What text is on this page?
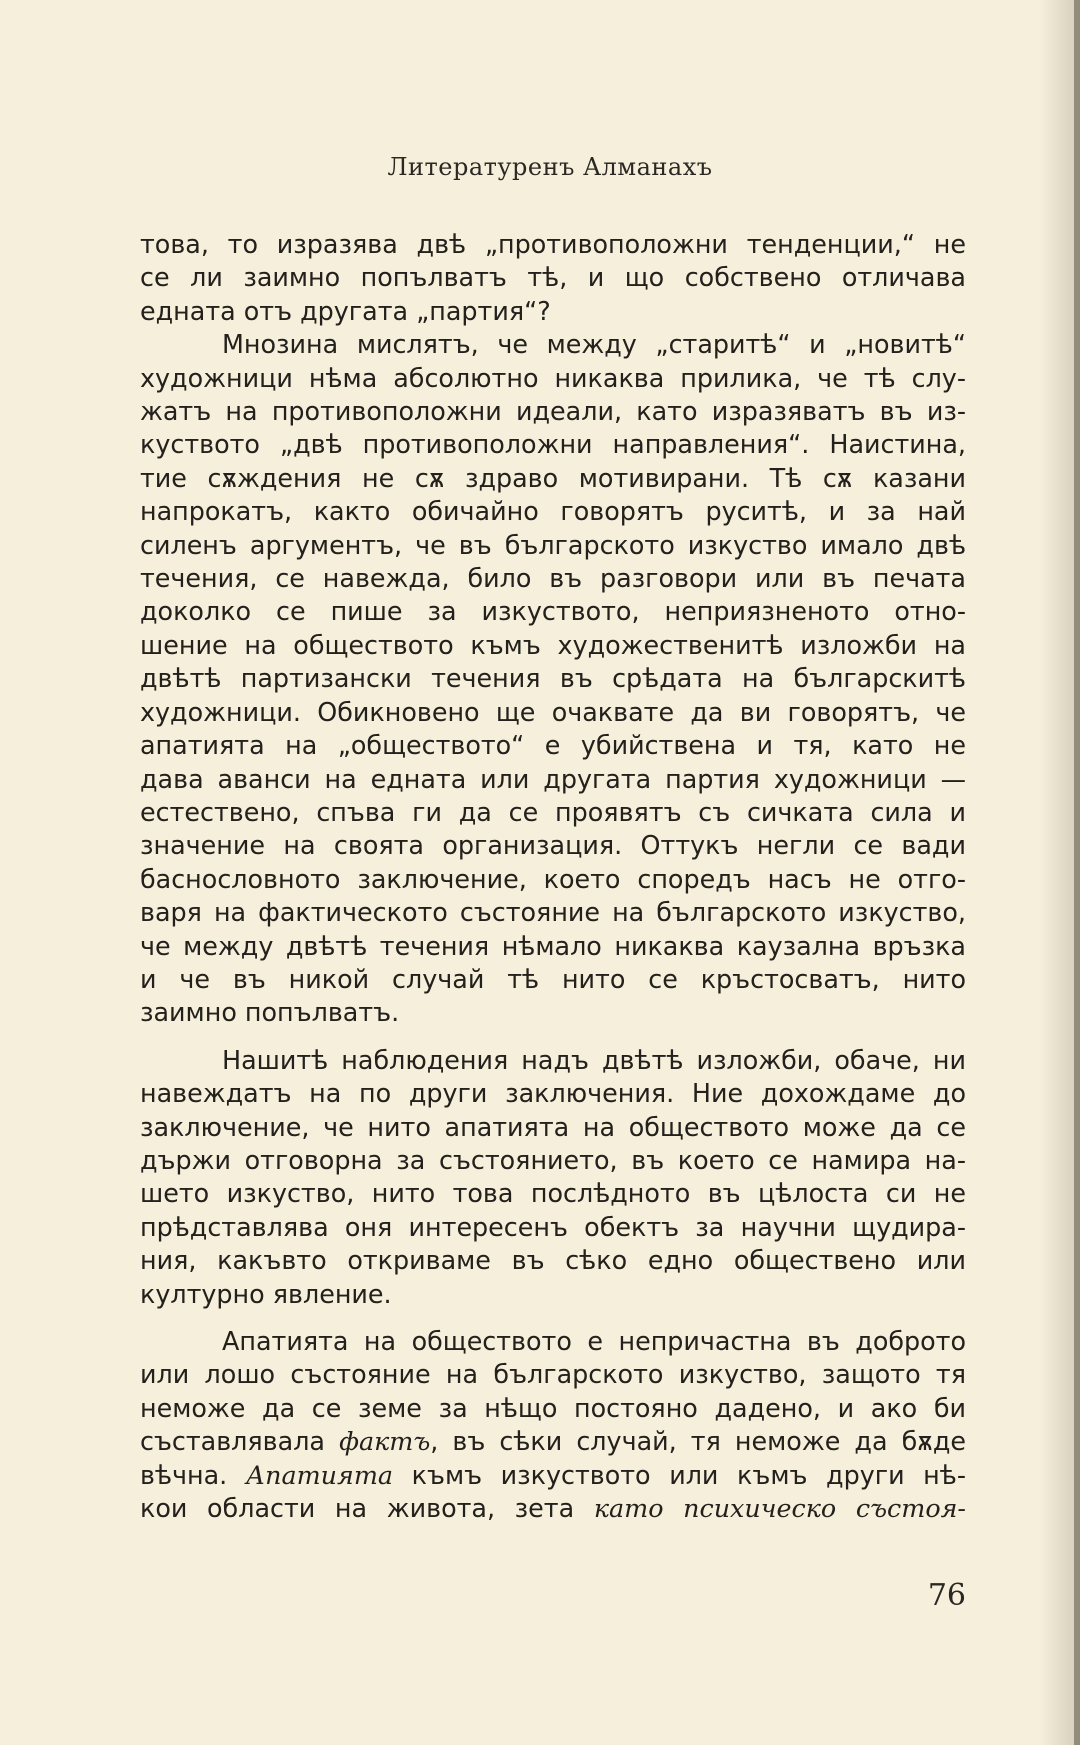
Литературенъ Алманахъ

това, то изразява двѣ „противоположни тенденции,“ не
се ли заимно попълватъ тѣ, и що собствено отличава
едната отъ другата „партия“?

Мнозина мислятъ, че между „старитѣ“ и „новитѣ“
художници нѣма абсолютно никаква прилика, че тѣ слу-
жатъ на противоположни идеали, като изразяватъ въ из-
куството „двѣ противоположни направления“. Наистина,
тие сѫждения не сѫ здраво мотивирани. Тѣ сѫ казани
напрокатъ, както обичайно говорятъ руситѣ, и за най
силенъ аргументъ, че въ българското изкуство имало двѣ
течения, се навежда, било въ разговори или въ печата
доколко се пише за изкуството, неприязненото отно-
шение на обществото къмъ художественитѣ изложби на
двѣтѣ партизански течения въ срѣдата на българскитѣ
художници. Обикновено ще очаквате да ви говорятъ, че
апатията на „обществото“ е убийствена и тя, като не
дава аванси на едната или другата партия художници —
естествено, спъва ги да се проявятъ съ сичката сила и
значение на своята организация. Оттукъ негли се вади
баснословното заключение, което споредъ насъ не отго-
варя на фактическото състояние на българското изкуство,
че между двѣтѣ течения нѣмало никаква каузална връзка
и че въ никой случай тѣ нито се кръстосватъ, нито
заимно попълватъ.

Нашитѣ наблюдения надъ двѣтѣ изложби, обаче, ни
навеждатъ на по други заключения. Ние дохождаме до
заключение, че нито апатията на обществото може да се
държи отговорна за състоянието, въ което се намира на-
шето изкуство, нито това послѣдното въ цѣлоста си не
прѣдставлява оня интересенъ обектъ за научни щудира-
ния, какъвто откриваме въ сѣко едно обществено или
културно явление.

Апатията на обществото е непричастна въ доброто
или лошо състояние на българското изкуство, защото тя
неможе да се земе за нѣщо постояно дадено, и ако би
съставлявала фактъ, въ сѣки случай, тя неможе да бѫде
вѣчна. Апатията къмъ изкуството или къмъ други нѣ-
кои области на живота, зета като психическо състоя-

76
